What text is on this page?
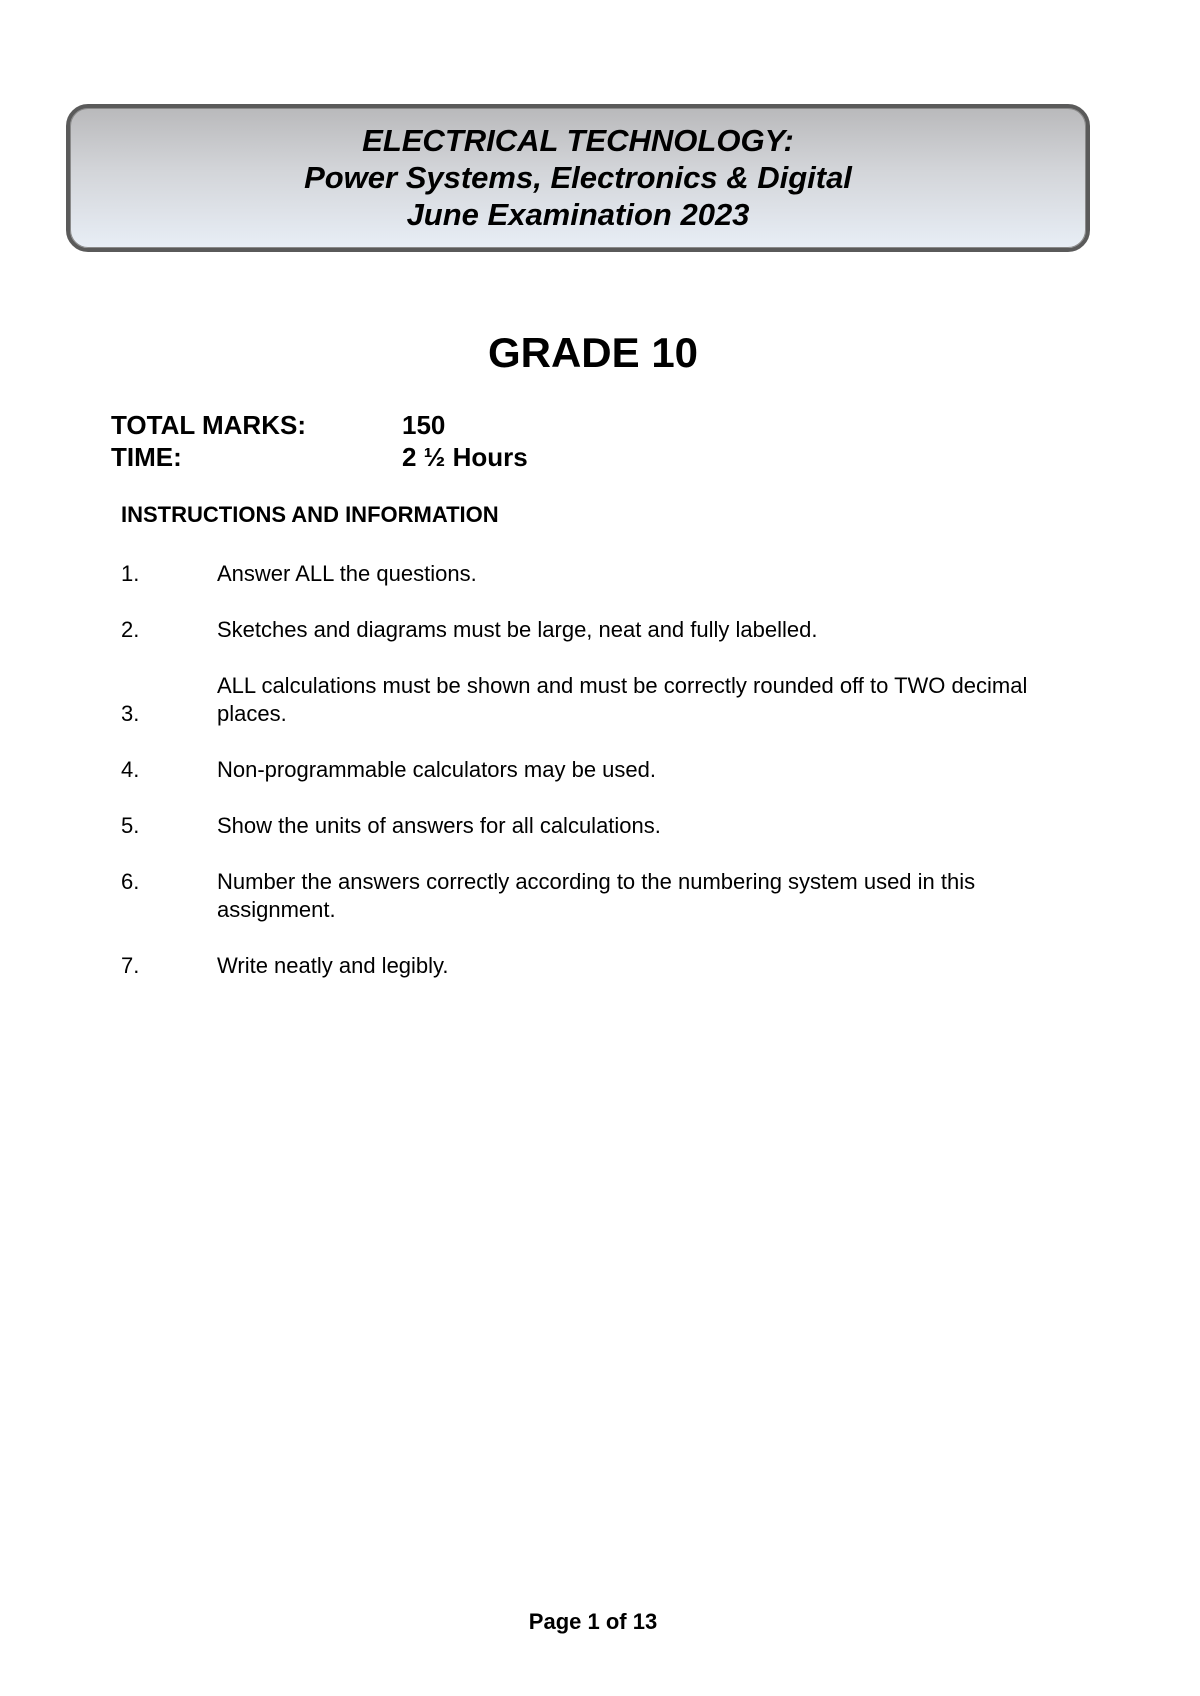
ELECTRICAL TECHNOLOGY:
Power Systems, Electronics & Digital
June Examination 2023
GRADE 10
TOTAL MARKS:	150
TIME:	2 ½ Hours
INSTRUCTIONS AND INFORMATION
1.	Answer ALL the questions.
2.	Sketches and diagrams must be large, neat and fully labelled.
3.
ALL calculations must be shown and must be correctly rounded off to TWO decimal places.
4.	Non-programmable calculators may be used.
5.	Show the units of answers for all calculations.
6.	Number the answers correctly according to the numbering system used in this assignment.
7.	Write neatly and legibly.
Page 1 of 13
